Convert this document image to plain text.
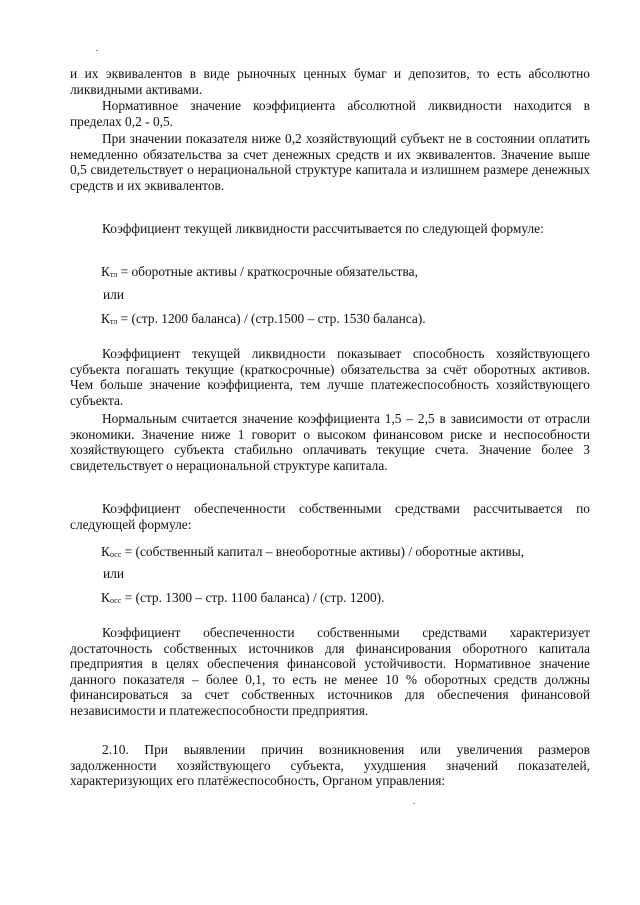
и их эквивалентов в виде рыночных ценных бумаг и депозитов, то есть абсолютно ликвидными активами.

Нормативное значение коэффициента абсолютной ликвидности находится в пределах 0,2 - 0,5.

При значении показателя ниже 0,2 хозяйствующий субъект не в состоянии оплатить немедленно обязательства за счет денежных средств и их эквивалентов. Значение выше 0,5 свидетельствует о нерациональной структуре капитала и излишнем размере денежных средств и их эквивалентов.

Коэффициент текущей ликвидности рассчитывается по следующей формуле:

Ктл = оборотные активы / краткосрочные обязательства,

или

Ктл = (стр. 1200 баланса) / (стр.1500 – стр. 1530 баланса).

Коэффициент текущей ликвидности показывает способность хозяйствующего субъекта погашать текущие (краткосрочные) обязательства за счёт оборотных активов. Чем больше значение коэффициента, тем лучше платежеспособность хозяйствующего субъекта.

Нормальным считается значение коэффициента 1,5 – 2,5 в зависимости от отрасли экономики. Значение ниже 1 говорит о высоком финансовом риске и неспособности хозяйствующего субъекта стабильно оплачивать текущие счета. Значение более 3 свидетельствует о нерациональной структуре капитала.

Коэффициент обеспеченности собственными средствами рассчитывается по следующей формуле:

Косс = (собственный капитал – внеоборотные активы) / оборотные активы,

или

Косс = (стр. 1300 – стр. 1100 баланса) / (стр. 1200).

Коэффициент обеспеченности собственными средствами характеризует достаточность собственных источников для финансирования оборотного капитала предприятия в целях обеспечения финансовой устойчивости. Нормативное значение данного показателя – более 0,1, то есть не менее 10 % оборотных средств должны финансироваться за счет собственных источников для обеспечения финансовой независимости и платежеспособности предприятия.

2.10. При выявлении причин возникновения или увеличения размеров задолженности хозяйствующего субъекта, ухудшения значений показателей, характеризующих его платёжеспособность, Органом управления:
